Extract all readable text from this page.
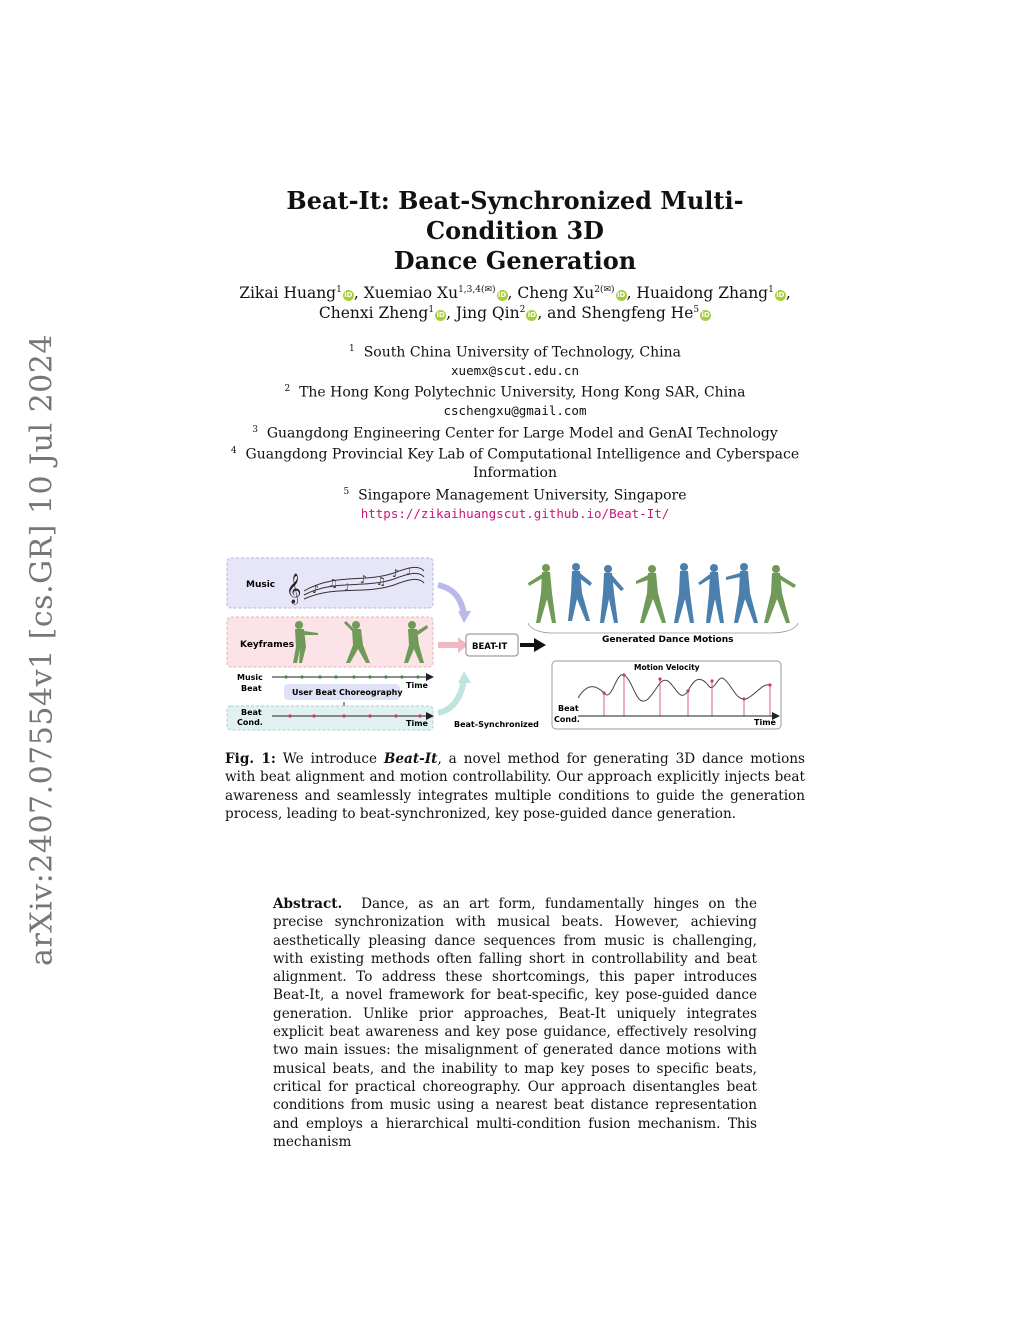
arXiv:2407.07554v1 [cs.GR] 10 Jul 2024
Beat-It: Beat-Synchronized Multi-Condition 3D
Dance Generation
Zikai Huang$^1$iD, Xuemiao $Xu^{1,3,4(✉)}iD$, Cheng $Xu^{2(✉)}iD$, Huaidong Zhang$^1$iD,
Chenxi Zheng$^1$iD, Jing Qin$^2$iD, and Shengfeng He$^5$iD
$^1$ South China University of Technology, China
xuemx@scut.edu.cn
$^2$ The Hong Kong Polytechnic University, Hong Kong SAR, China
cschengxu@gmail.com
$^3$ Guangdong Engineering Center for Large Model and GenAI Technology
$^4$ Guangdong Provincial Key Lab of Computational Intelligence and Cyberspace
Information
$^5$ Singapore Management University, Singapore
https://zikaihuangscut.github.io/Beat-It/
Music 𝄞 ♪ ♫ ♩
♪ ♫
♪ ♩
Keyframes
Music
Beat	Time
User Beat Choreography
Beat
Cond.	Time	Beat-Synchronized
BEAT-IT
Generated Dance Motions
Motion Velocity
Beat
Cond.	Time
Fig. 1: We introduce Beat-It, a novel method for generating 3D dance motions with beat alignment and motion controllability. Our approach explicitly injects beat awareness and seamlessly integrates multiple conditions to guide the generation process, leading to beat-synchronized, key pose-guided dance generation.
Abstract. Dance, as an art form, fundamentally hinges on the precise synchronization with musical beats. However, achieving aesthetically pleasing dance sequences from music is challenging, with existing methods often falling short in controllability and beat alignment. To address these shortcomings, this paper introduces Beat-It, a novel framework for beat-specific, key pose-guided dance generation. Unlike prior approaches, Beat-It uniquely integrates explicit beat awareness and key pose guidance, effectively resolving two main issues: the misalignment of generated dance motions with musical beats, and the inability to map key poses to specific beats, critical for practical choreography. Our approach disentangles beat conditions from music using a nearest beat distance representation and employs a hierarchical multi-condition fusion mechanism. This mechanism
